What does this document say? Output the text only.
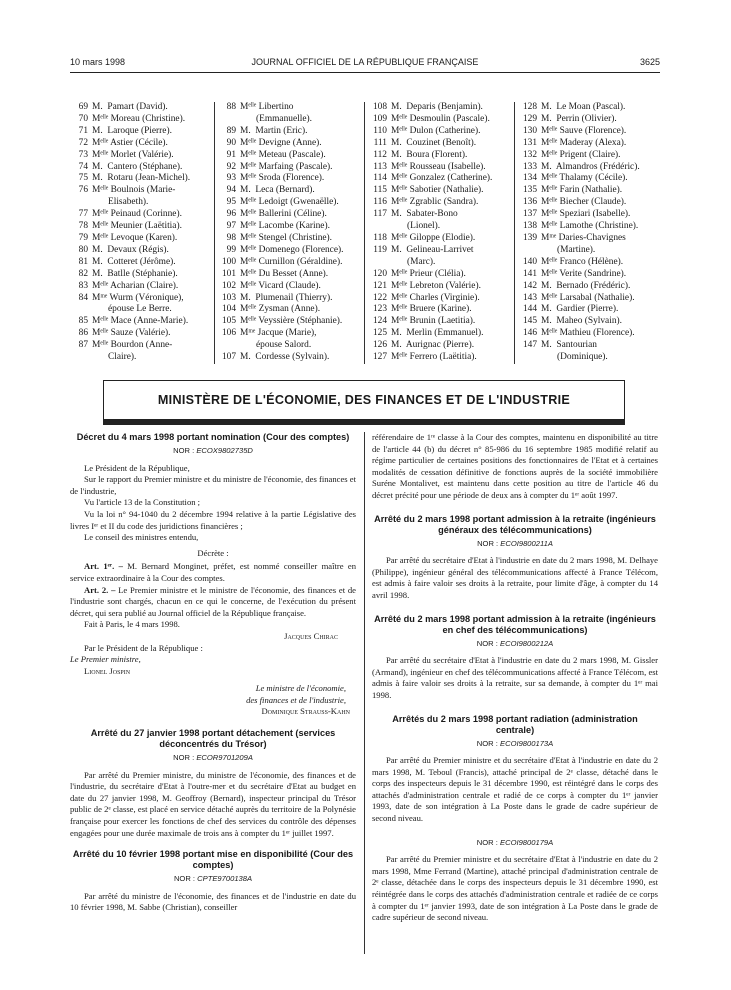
10 mars 1998	JOURNAL OFFICIEL DE LA RÉPUBLIQUE FRANÇAISE	3625
69 M.  Pamart (David).
70 Mᵉˡˡᵉ Moreau (Christine).
71 M.  Laroque (Pierre).
72 Mᵉˡˡᵉ Astier (Cécile).
73 Mᵉˡˡᵉ Morlet (Valérie).
74 M.  Cantero (Stéphane).
75 M.  Rotaru (Jean-Michel).
76 Mᵉˡˡᵉ Boulnois (Marie-
Elisabeth).
77 Mᵉˡˡᵉ Peinaud (Corinne).
78 Mᵉˡˡᵉ Meunier (Laëtitia).
79 Mᵉˡˡᵉ Levoque (Karen).
80 M.  Devaux (Régis).
81 M.  Cotteret (Jérôme).
82 M.  Batlle (Stéphanie).
83 Mᵉˡˡᵉ Acharian (Claire).
84 Mᵐᵉ Wurm (Véronique),
épouse Le Berre.
85 Mᵉˡˡᵉ Mace (Anne-Marie).
86 Mᵉˡˡᵉ Sauze (Valérie).
87 Mᵉˡˡᵉ Bourdon (Anne-
Claire).
88 Mᵉˡˡᵉ Libertino
(Emmanuelle).
89 M.  Martin (Eric).
90 Mᵉˡˡᵉ Devigne (Anne).
91 Mᵉˡˡᵉ Meteau (Pascale).
92 Mᵉˡˡᵉ Marfaing (Pascale).
93 Mᵉˡˡᵉ Sroda (Florence).
94 M.  Leca (Bernard).
95 Mᵉˡˡᵉ Ledoigt (Gwenaëlle).
96 Mᵉˡˡᵉ Ballerini (Céline).
97 Mᵉˡˡᵉ Lacombe (Karine).
98 Mᵉˡˡᵉ Stengel (Christine).
99 Mᵉˡˡᵉ Domenego (Florence).
100 Mᵉˡˡᵉ Curnillon (Géraldine).
101 Mᵉˡˡᵉ Du Besset (Anne).
102 Mᵉˡˡᵉ Vicard (Claude).
103 M.  Plumenail (Thierry).
104 Mᵉˡˡᵉ Zysman (Anne).
105 Mᵉˡˡᵉ Veyssière (Stéphanie).
106 Mᵐᵉ Jacque (Marie),
épouse Salord.
107 M.  Cordesse (Sylvain).
108 M.  Deparis (Benjamin).
109 Mᵉˡˡᵉ Desmoulin (Pascale).
110 Mᵉˡˡᵉ Dulon (Catherine).
111 M.  Couzinet (Benoît).
112 M.  Boura (Florent).
113 Mᵉˡˡᵉ Rousseau (Isabelle).
114 Mᵉˡˡᵉ Gonzalez (Catherine).
115 Mᵉˡˡᵉ Sabotier (Nathalie).
116 Mᵉˡˡᵉ Zgrablic (Sandra).
117 M.  Sabater-Bono
(Lionel).
118 Mᵉˡˡᵉ Giloppe (Elodie).
119 M.  Gelineau-Larrivet
(Marc).
120 Mᵉˡˡᵉ Prieur (Clélia).
121 Mᵉˡˡᵉ Lebreton (Valérie).
122 Mᵉˡˡᵉ Charles (Virginie).
123 Mᵉˡˡᵉ Bruere (Karine).
124 Mᵉˡˡᵉ Brunin (Laetitia).
125 M.  Merlin (Emmanuel).
126 M.  Aurignac (Pierre).
127 Mᵉˡˡᵉ Ferrero (Laëtitia).
128 M.  Le Moan (Pascal).
129 M.  Perrin (Olivier).
130 Mᵉˡˡᵉ Sauve (Florence).
131 Mᵉˡˡᵉ Maderay (Alexa).
132 Mᵉˡˡᵉ Prigent (Claire).
133 M.  Almandros (Frédéric).
134 Mᵉˡˡᵉ Thalamy (Cécile).
135 Mᵉˡˡᵉ Farin (Nathalie).
136 Mᵉˡˡᵉ Biecher (Claude).
137 Mᵉˡˡᵉ Speziari (Isabelle).
138 Mᵉˡˡᵉ Lamothe (Christine).
139 Mᵐᵉ Daries-Chavignes
(Martine).
140 Mᵉˡˡᵉ Franco (Hélène).
141 Mᵉˡˡᵉ Verite (Sandrine).
142 M.  Bernado (Frédéric).
143 Mᵉˡˡᵉ Larsabal (Nathalie).
144 M.  Gardier (Pierre).
145 M.  Maheo (Sylvain).
146 Mᵉˡˡᵉ Mathieu (Florence).
147 M.  Santourian
(Dominique).
MINISTÈRE DE L'ÉCONOMIE, DES FINANCES ET DE L'INDUSTRIE

Décret du 4 mars 1998 portant nomination (Cour des comptes)

NOR : ECOX9802735D

Le Président de la République,

Sur le rapport du Premier ministre et du ministre de l'économie, des finances et de l'industrie,

Vu l'article 13 de la Constitution ;

Vu la loi n° 94-1040 du 2 décembre 1994 relative à la partie Législative des livres Iᵉʳ et II du code des juridictions financières ;

Le conseil des ministres entendu,

Décrète :

Art. 1ᵉʳ. – M. Bernard Monginet, préfet, est nommé conseiller maître en service extraordinaire à la Cour des comptes.

Art. 2. – Le Premier ministre et le ministre de l'économie, des finances et de l'industrie sont chargés, chacun en ce qui le concerne, de l'exécution du présent décret, qui sera publié au Journal officiel de la République française.

Fait à Paris, le 4 mars 1998.

Jacques Chirac

Par le Président de la République :

Le Premier ministre,

Lionel Jospin

Le ministre de l'économie,

des finances et de l'industrie,

Dominique Strauss-Kahn

Arrêté du 27 janvier 1998 portant détachement (services déconcentrés du Trésor)

NOR : ECOR9701209A

Par arrêté du Premier ministre, du ministre de l'économie, des finances et de l'industrie, du secrétaire d'Etat à l'outre-mer et du secrétaire d'Etat au budget en date du 27 janvier 1998, M. Geoffroy (Bernard), inspecteur principal du Trésor public de 2ᵉ classe, est placé en service détaché auprès du territoire de la Polynésie française pour exercer les fonctions de chef des services du contrôle des dépenses engagées pour une durée maximale de trois ans à compter du 1ᵉʳ juillet 1997.

Arrêté du 10 février 1998 portant mise en disponibilité (Cour des comptes)

NOR : CPTE9700138A

Par arrêté du ministre de l'économie, des finances et de l'industrie en date du 10 février 1998, M. Sabbe (Christian), conseiller

référendaire de 1ʳᵉ classe à la Cour des comptes, maintenu en disponibilité au titre de l'article 44 (b) du décret n° 85-986 du 16 septembre 1985 modifié relatif au régime particulier de certaines positions des fonctionnaires de l'Etat et à certaines modalités de cessation définitive de fonctions auprès de la société immobilière Suréne Montalivet, est maintenu dans cette position au titre de l'article 46 du décret précité pour une période de deux ans à compter du 1ᵉʳ août 1997.

Arrêté du 2 mars 1998 portant admission à la retraite (ingénieurs généraux des télécommunications)

NOR : ECOI9800211A

Par arrêté du secrétaire d'Etat à l'industrie en date du 2 mars 1998, M. Delhaye (Philippe), ingénieur général des télécommunications affecté à France Télécom, est admis à faire valoir ses droits à la retraite, pour limite d'âge, à compter du 14 avril 1998.

Arrêté du 2 mars 1998 portant admission à la retraite (ingénieurs en chef des télécommunications)

NOR : ECOI9800212A

Par arrêté du secrétaire d'Etat à l'industrie en date du 2 mars 1998, M. Gissler (Armand), ingénieur en chef des télécommunications affecté à France Télécom, est admis à faire valoir ses droits à la retraite, sur sa demande, à compter du 1ᵉʳ mai 1998.

Arrêtés du 2 mars 1998 portant radiation (administration centrale)

NOR : ECOI9800173A

Par arrêté du Premier ministre et du secrétaire d'Etat à l'industrie en date du 2 mars 1998, M. Teboul (Francis), attaché principal de 2ᵉ classe, détaché dans le corps des inspecteurs depuis le 31 décembre 1990, est réintégré dans le corps des attachés d'administration centrale et radié de ce corps à compter du 1ᵉʳ janvier 1993, date de son intégration à La Poste dans le grade de cadre supérieur de second niveau.

NOR : ECOI9800179A

Par arrêté du Premier ministre et du secrétaire d'Etat à l'industrie en date du 2 mars 1998, Mme Ferrand (Martine), attaché principal d'administration centrale de 2ᵉ classe, détachée dans le corps des inspecteurs depuis le 31 décembre 1990, est réintégrée dans le corps des attachés d'administration centrale et radiée de ce corps à compter du 1ᵉʳ janvier 1993, date de son intégration à La Poste dans le grade de cadre supérieur de second niveau.
